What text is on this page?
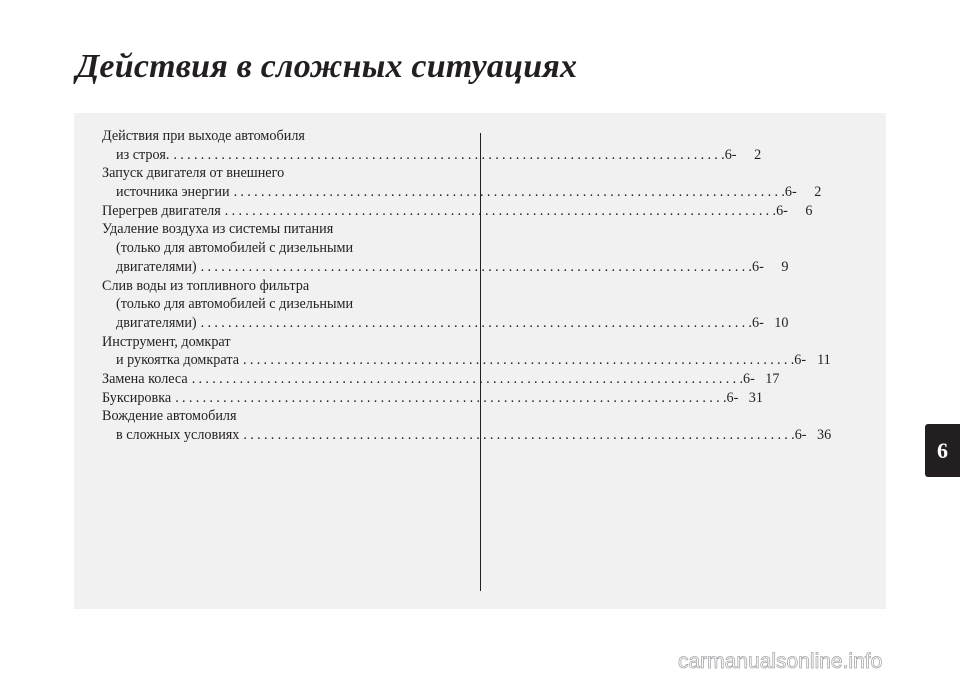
Действия в сложных ситуациях
Действия при выходе автомобиля
из строя. ................................................................................ .6-	2
Запуск двигателя от внешнего
источника энергии ................................................................................ .6-	2
Перегрев двигателя ................................................................................ .6-	6
Удаление воздуха из системы питания
(только для автомобилей с дизельными
двигателями) ................................................................................ .6-	9
Слив воды из топливного фильтра
(только для автомобилей с дизельными
двигателями) ................................................................................ .6- 10
Инструмент, домкрат
и рукоятка домкрата ................................................................................ .6- 11
Замена колеса ................................................................................ .6- 17
Буксировка ................................................................................ .6- 31
Вождение автомобиля
в сложных условиях ................................................................................ .6- 36
6
carmanualsonline.info
